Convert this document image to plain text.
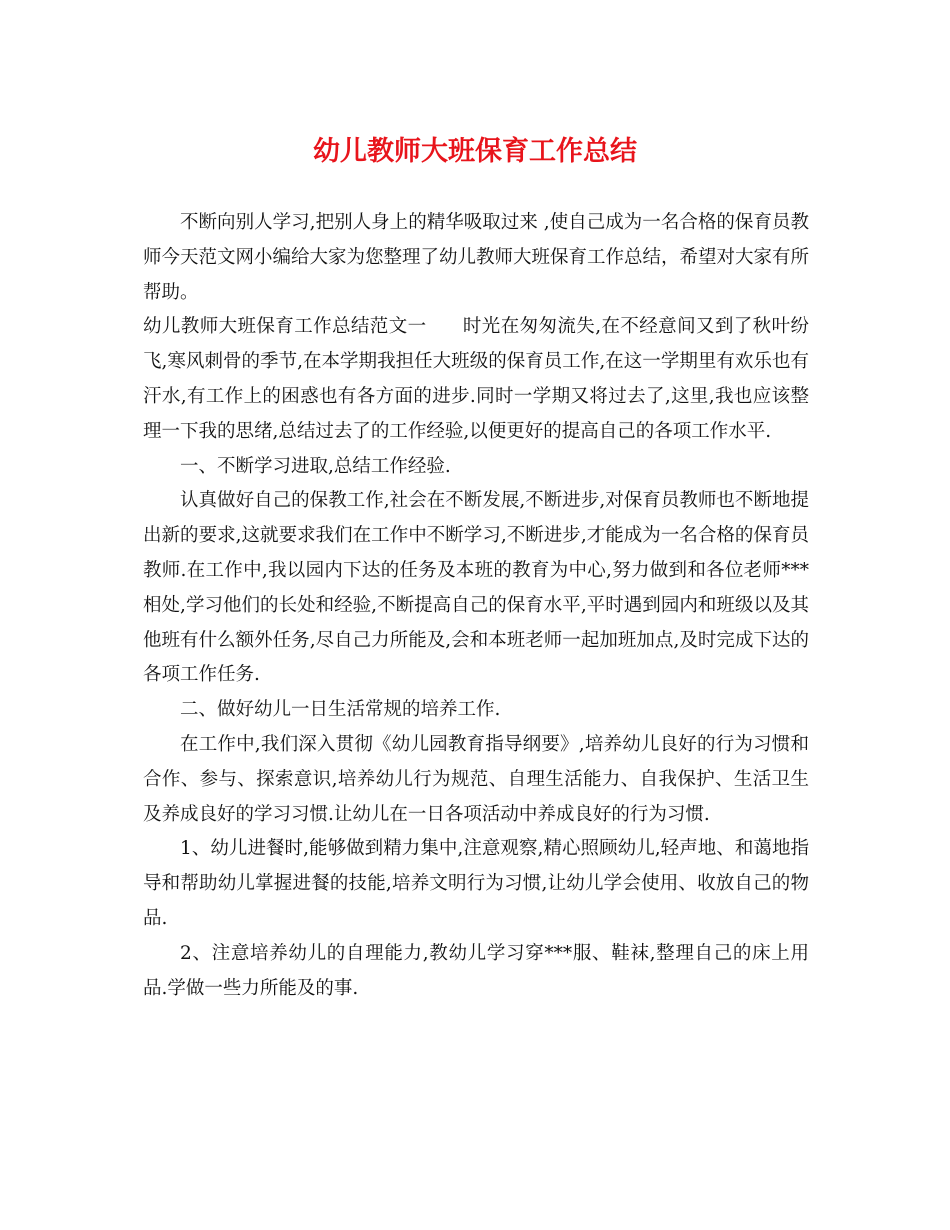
幼儿教师大班保育工作总结

不断向别人学习,把别人身上的精华吸取过来 ,使自己成为一名合格的保育员教师今天范文网小编给大家为您整理了幼儿教师大班保育工作总结，希望对大家有所帮助。

幼儿教师大班保育工作总结范文一 时光在匆匆流失,在不经意间又到了秋叶纷飞,寒风刺骨的季节,在本学期我担任大班级的保育员工作,在这一学期里有欢乐也有汗水,有工作上的困惑也有各方面的进步.同时一学期又将过去了,这里,我也应该整理一下我的思绪,总结过去了的工作经验,以便更好的提高自己的各项工作水平.

一、不断学习进取,总结工作经验.

认真做好自己的保教工作,社会在不断发展,不断进步,对保育员教师也不断地提出新的要求,这就要求我们在工作中不断学习,不断进步,才能成为一名合格的保育员教师.在工作中,我以园内下达的任务及本班的教育为中心,努力做到和各位老师***相处,学习他们的长处和经验,不断提高自己的保育水平,平时遇到园内和班级以及其他班有什么额外任务,尽自己力所能及,会和本班老师一起加班加点,及时完成下达的各项工作任务.

二、做好幼儿一日生活常规的培养工作.

在工作中,我们深入贯彻《幼儿园教育指导纲要》,培养幼儿良好的行为习惯和合作、参与、探索意识,培养幼儿行为规范、自理生活能力、自我保护、生活卫生及养成良好的学习习惯.让幼儿在一日各项活动中养成良好的行为习惯.

1、幼儿进餐时,能够做到精力集中,注意观察,精心照顾幼儿,轻声地、和蔼地指导和帮助幼儿掌握进餐的技能,培养文明行为习惯,让幼儿学会使用、收放自己的物品.

2、注意培养幼儿的自理能力,教幼儿学习穿***服、鞋袜,整理自己的床上用品.学做一些力所能及的事.
